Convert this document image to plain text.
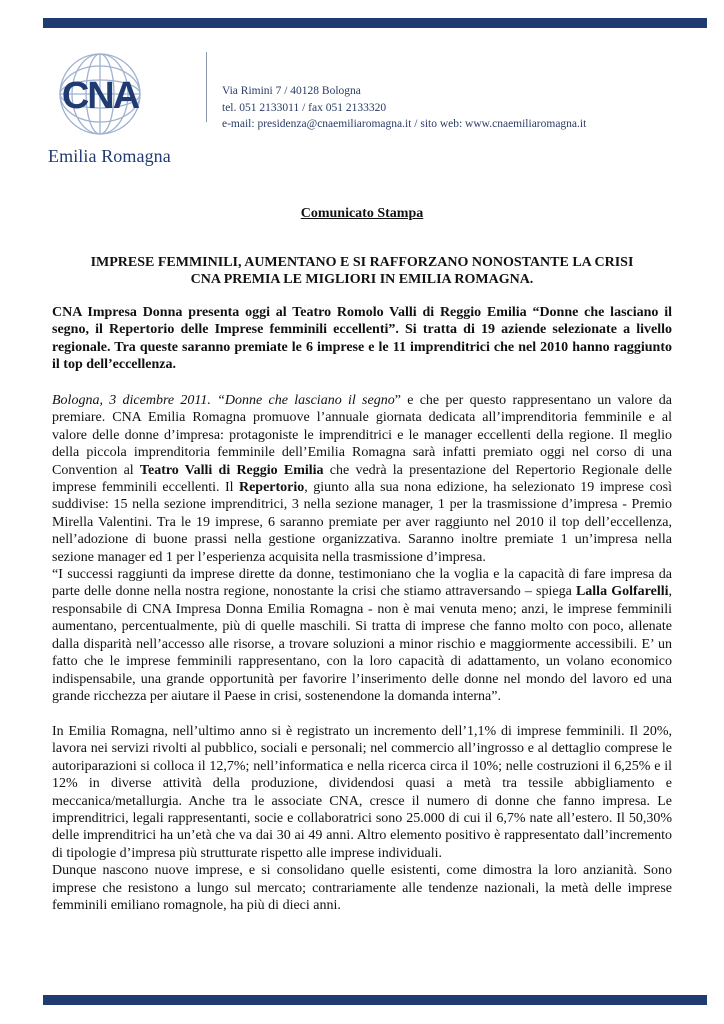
CNA
Emilia Romagna
Via Rimini 7 / 40128 Bologna
tel. 051 2133011 / fax 051 2133320
e-mail: presidenza@cnaemiliaromagna.it / sito web: www.cnaemiliaromagna.it
Comunicato Stampa
IMPRESE FEMMINILI, AUMENTANO E SI RAFFORZANO NONOSTANTE LA CRISI
CNA PREMIA LE MIGLIORI IN EMILIA ROMAGNA.
CNA Impresa Donna presenta oggi al Teatro Romolo Valli di Reggio Emilia “Donne che lasciano il segno, il Repertorio delle Imprese femminili eccellenti”. Si tratta di 19 aziende selezionate a livello regionale. Tra queste saranno premiate le 6 imprese e le 11 imprenditrici che nel 2010 hanno raggiunto il top dell’eccellenza.
Bologna, 3 dicembre 2011. “Donne che lasciano il segno” e che per questo rappresentano un valore da premiare. CNA Emilia Romagna promuove l’annuale giornata dedicata all’imprenditoria femminile e al valore delle donne d’impresa: protagoniste le imprenditrici e le manager eccellenti della regione. Il meglio della piccola imprenditoria femminile dell’Emilia Romagna sarà infatti premiato oggi nel corso di una Convention al Teatro Valli di Reggio Emilia che vedrà la presentazione del Repertorio Regionale delle imprese femminili eccellenti. Il Repertorio, giunto alla sua nona edizione, ha selezionato 19 imprese così suddivise: 15 nella sezione imprenditrici, 3 nella sezione manager, 1 per la trasmissione d’impresa - Premio Mirella Valentini. Tra le 19 imprese, 6 saranno premiate per aver raggiunto nel 2010 il top dell’eccellenza, nell’adozione di buone prassi nella gestione organizzativa. Saranno inoltre premiate 1 un’impresa nella sezione manager ed 1 per l’esperienza acquisita nella trasmissione d’impresa.
“I successi raggiunti da imprese dirette da donne, testimoniano che la voglia e la capacità di fare impresa da parte delle donne nella nostra regione, nonostante la crisi che stiamo attraversando – spiega Lalla Golfarelli, responsabile di CNA Impresa Donna Emilia Romagna - non è mai venuta meno; anzi, le imprese femminili aumentano, percentualmente, più di quelle maschili. Si tratta di imprese che fanno molto con poco, allenate dalla disparità nell’accesso alle risorse, a trovare soluzioni a minor rischio e maggiormente accessibili. E’ un fatto che le imprese femminili rappresentano, con la loro capacità di adattamento, un volano economico indispensabile, una grande opportunità per favorire l’inserimento delle donne nel mondo del lavoro ed una grande ricchezza per aiutare il Paese in crisi, sostenendone la domanda interna”.
In Emilia Romagna, nell’ultimo anno si è registrato un incremento dell’1,1% di imprese femminili. Il 20%, lavora nei servizi rivolti al pubblico, sociali e personali; nel commercio all’ingrosso e al dettaglio comprese le autoriparazioni si colloca il 12,7%; nell’informatica e nella ricerca circa il 10%; nelle costruzioni il 6,25% e il 12% in diverse attività della produzione, dividendosi quasi a metà tra tessile abbigliamento e meccanica/metallurgia. Anche tra le associate CNA, cresce il numero di donne che fanno impresa. Le imprenditrici, legali rappresentanti, socie e collaboratrici sono 25.000 di cui il 6,7% nate all’estero. Il 50,30% delle imprenditrici ha un’età che va dai 30 ai 49 anni. Altro elemento positivo è rappresentato dall’incremento di tipologie d’impresa più strutturate rispetto alle imprese individuali.
Dunque nascono nuove imprese, e si consolidano quelle esistenti, come dimostra la loro anzianità. Sono imprese che resistono a lungo sul mercato; contrariamente alle tendenze nazionali, la metà delle imprese femminili emiliano romagnole, ha più di dieci anni.
